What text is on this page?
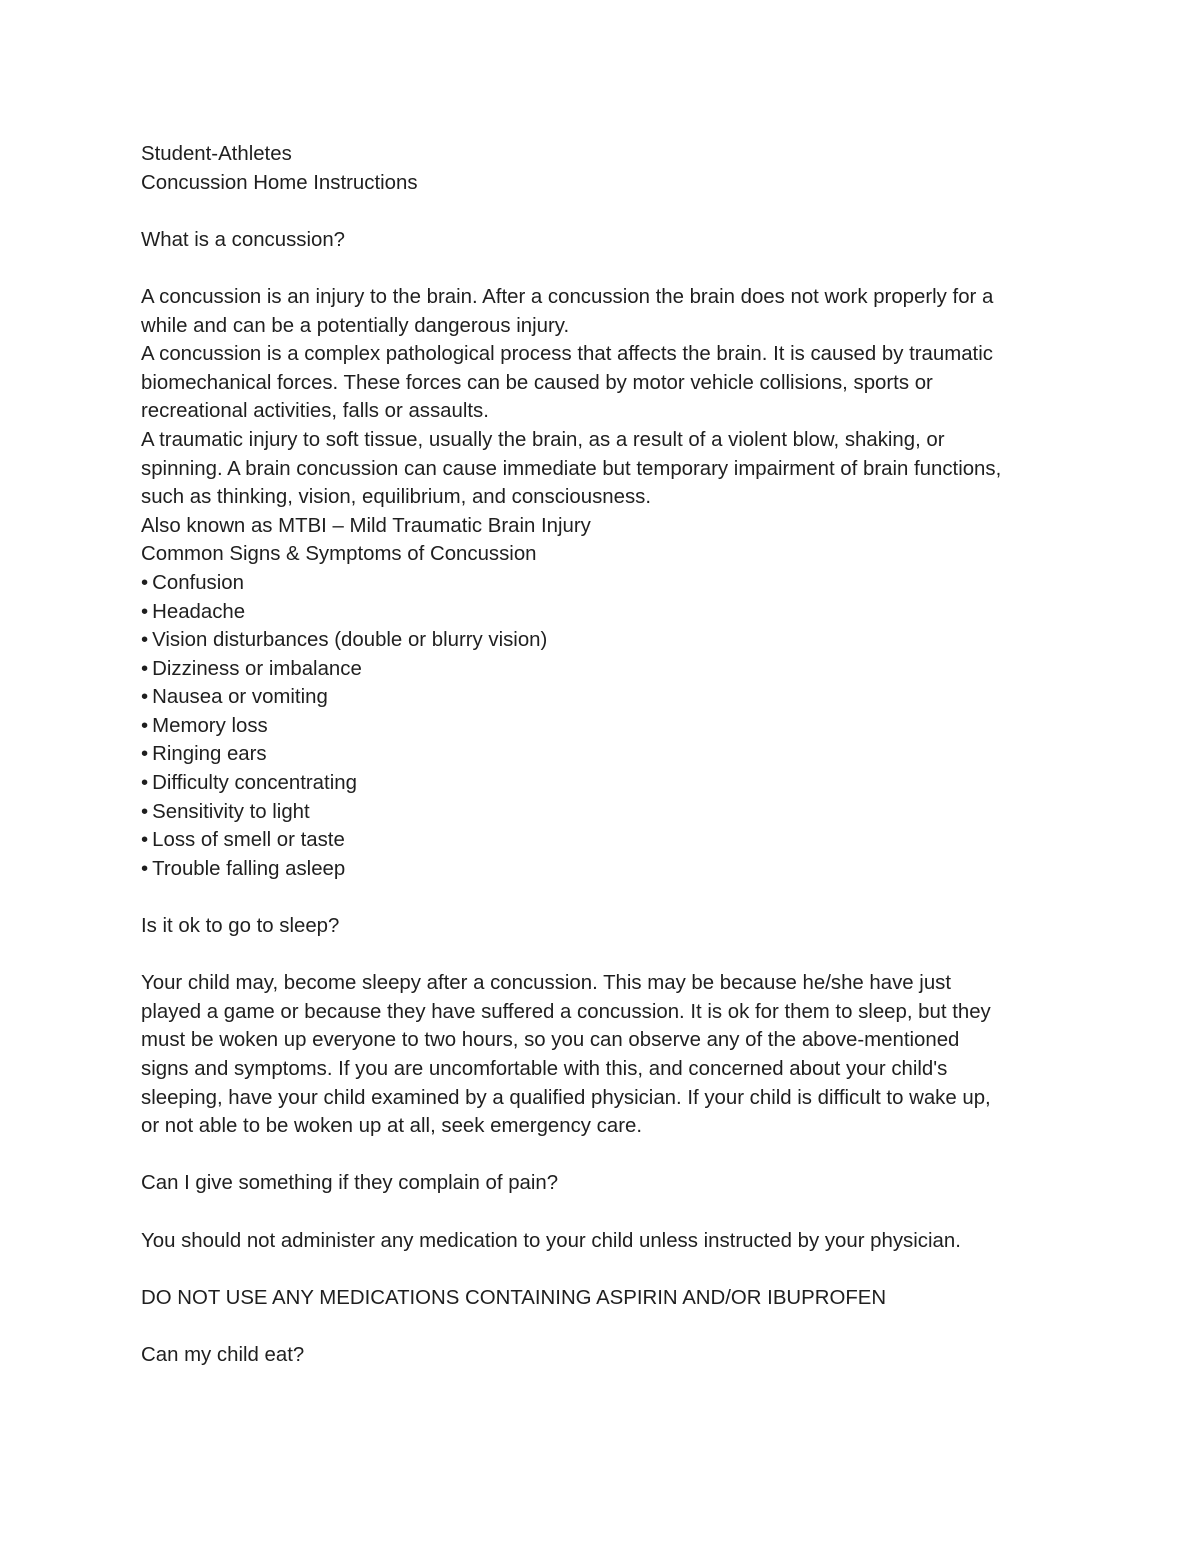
Student-Athletes
Concussion Home Instructions
What is a concussion?
A concussion is an injury to the brain. After a concussion the brain does not work properly for a
while and can be a potentially dangerous injury.
A concussion is a complex pathological process that affects the brain. It is caused by traumatic
biomechanical forces. These forces can be caused by motor vehicle collisions, sports or
recreational activities, falls or assaults.
A traumatic injury to soft tissue, usually the brain, as a result of a violent blow, shaking, or
spinning. A brain concussion can cause immediate but temporary impairment of brain functions,
such as thinking, vision, equilibrium, and consciousness.
Also known as MTBI – Mild Traumatic Brain Injury
Common Signs & Symptoms of Concussion
• Confusion
• Headache
• Vision disturbances (double or blurry vision)
• Dizziness or imbalance
• Nausea or vomiting
• Memory loss
• Ringing ears
• Difficulty concentrating
• Sensitivity to light
• Loss of smell or taste
• Trouble falling asleep
Is it ok to go to sleep?
Your child may, become sleepy after a concussion. This may be because he/she have just
played a game or because they have suffered a concussion. It is ok for them to sleep, but they
must be woken up everyone to two hours, so you can observe any of the above-mentioned
signs and symptoms. If you are uncomfortable with this, and concerned about your child's
sleeping, have your child examined by a qualified physician. If your child is difficult to wake up,
or not able to be woken up at all, seek emergency care.
Can I give something if they complain of pain?
You should not administer any medication to your child unless instructed by your physician.
DO NOT USE ANY MEDICATIONS CONTAINING ASPIRIN AND/OR IBUPROFEN
Can my child eat?
